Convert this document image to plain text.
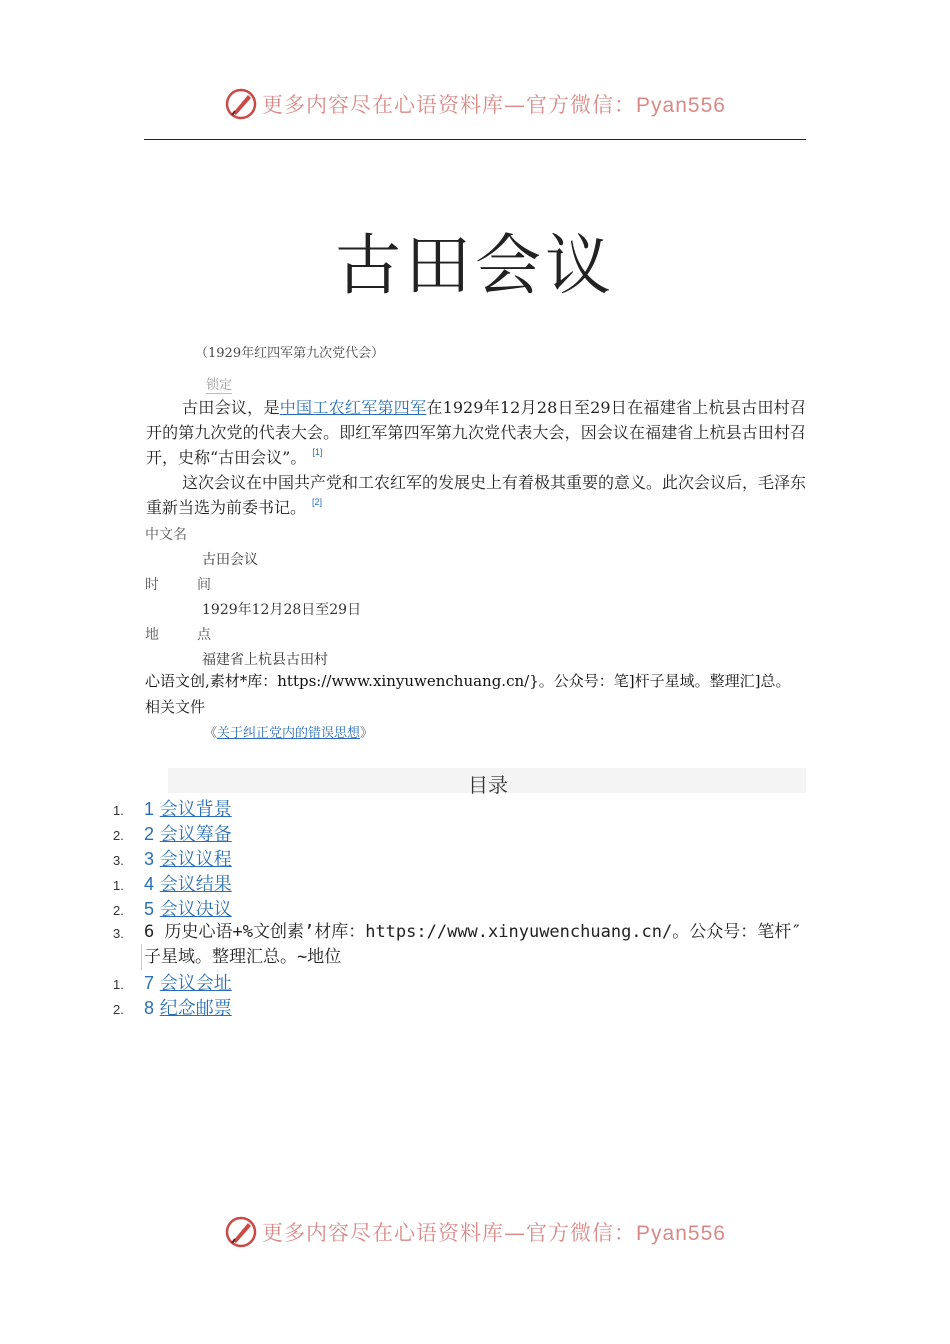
更多内容尽在心语资料库—官方微信：Pyan556
古田会议
（1929年红四军第九次党代会）
锁定
古田会议，是中国工农红军第四军在1929年12月28日至29日在福建省上杭县古田村召开的第九次党的代表大会。即红军第四军第九次党代表大会，因会议在福建省上杭县古田村召开，史称“古田会议”。 [1]
这次会议在中国共产党和工农红军的发展史上有着极其重要的意义。此次会议后，毛泽东重新当选为前委书记。 [2]
中文名
古田会议
时	间
1929年12月28日至29日
地	点
福建省上杭县古田村
心语文创,素材*库：https://www.xinyuwenchuang.cn/}。公众号：笔]杆子星域。整理汇]总。
相关文件
《关于纠正党内的错误思想》
目录
1. 1 会议背景
2. 2 会议筹备
3. 3 会议议程
1. 4 会议结果
2. 5 会议决议
3.	6 历史心语+%文创素’材库：https://www.xinyuwenchuang.cn/。公众号：笔杆″子星域。整理汇总。~地位
1. 7 会议会址
2. 8 纪念邮票
更多内容尽在心语资料库—官方微信：Pyan556
